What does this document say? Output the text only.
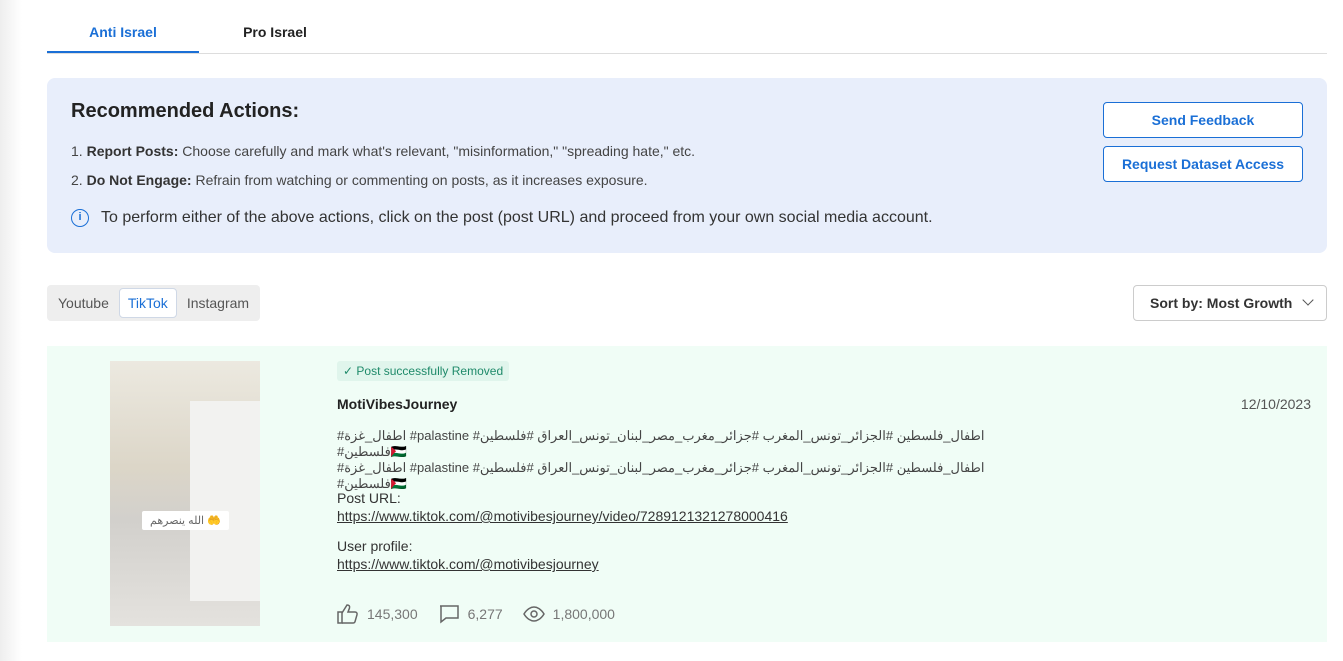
Anti Israel	Pro Israel
Recommended Actions:
1. Report Posts: Choose carefully and mark what's relevant, "misinformation," "spreading hate," etc.
2. Do Not Engage: Refrain from watching or commenting on posts, as it increases exposure.
i	To perform either of the above actions, click on the post (post URL) and proceed from your own social media account.
Send Feedback
Request Dataset Access
Youtube	TikTok	Instagram	Sort by: Most Growth
الله ينصرهم 🤲
✓ Post successfully Removed
MotiVibesJourney	12/10/2023
اطفال_فلسطين #الجزائر_تونس_المغرب #جزائر_مغرب_مصر_لبنان_تونس_العراق #فلسطين# palastine# اطفال_غزة# 🇵🇸فلسطين#
اطفال_فلسطين #الجزائر_تونس_المغرب #جزائر_مغرب_مصر_لبنان_تونس_العراق #فلسطين# palastine# اطفال_غزة# 🇵🇸فلسطين#
Post URL:
https://www.tiktok.com/@motivibesjourney/video/7289121321278000416
User profile:
https://www.tiktok.com/@motivibesjourney
145,300	6,277	1,800,000
